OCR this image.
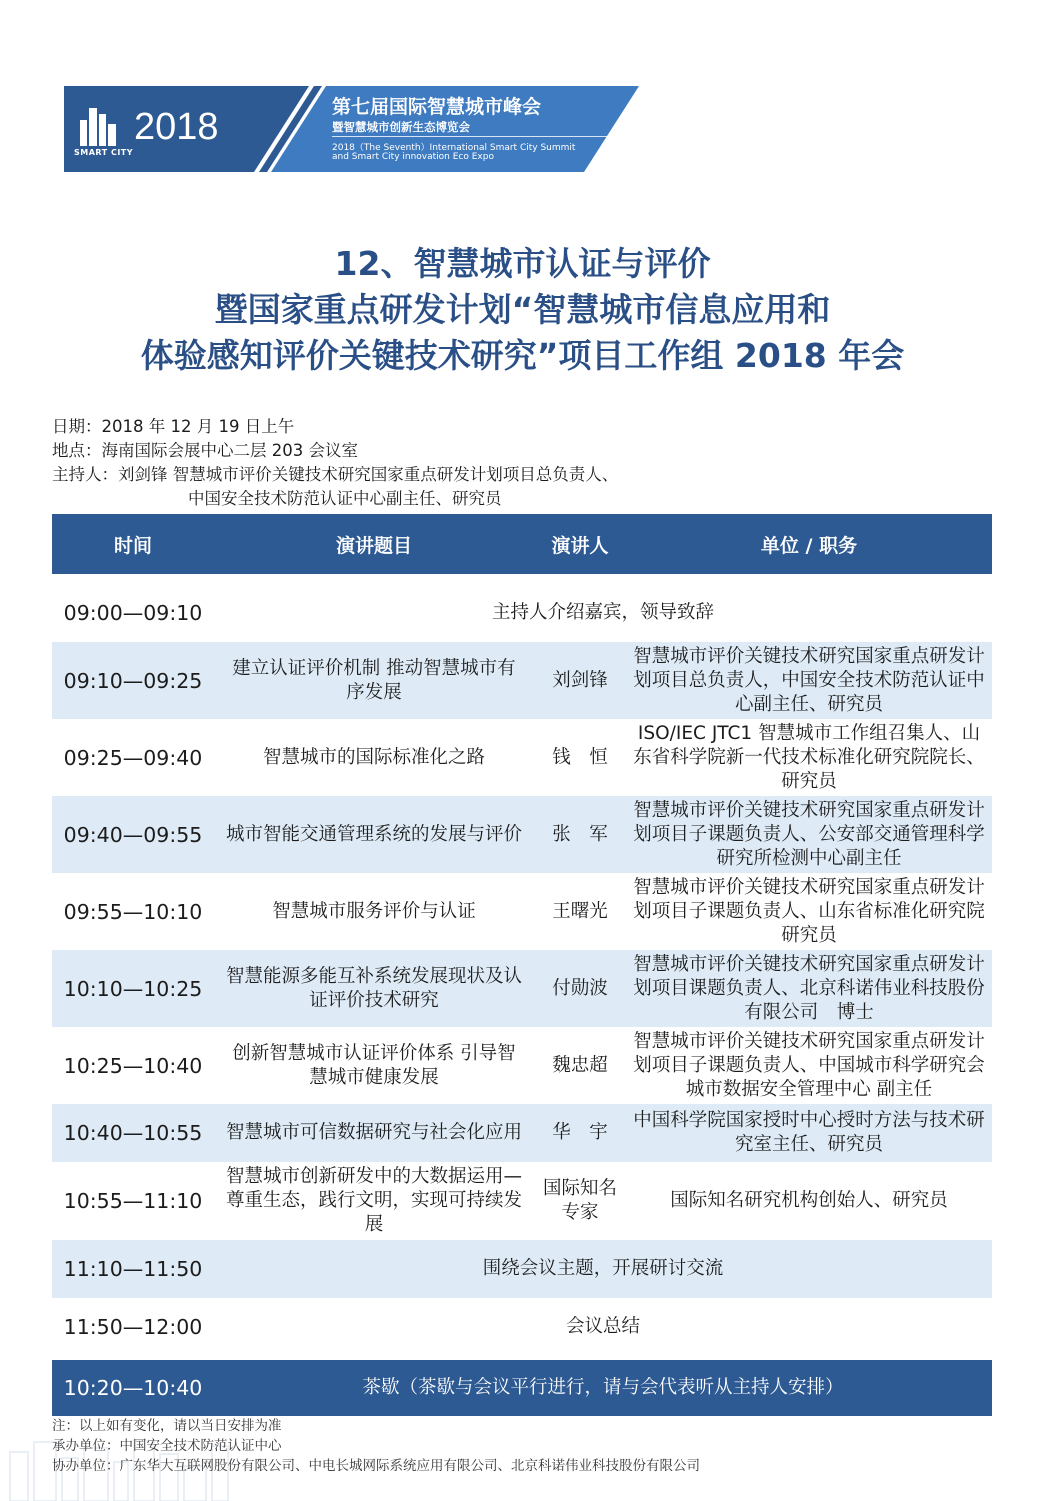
SMART CITY
2018	第七届国际智慧城市峰会
暨智慧城市创新生态博览会
2018（The Seventh）International Smart City Summit
and Smart City innovation Eco Expo
12、智慧城市认证与评价
暨国家重点研发计划“智慧城市信息应用和
体验感知评价关键技术研究”项目工作组 2018 年会
日期：2018 年 12 月 19 日上午
地点：海南国际会展中心二层 203 会议室
主持人：刘剑锋 智慧城市评价关键技术研究国家重点研发计划项目总负责人、
中国安全技术防范认证中心副主任、研究员
时间	演讲题目	演讲人	单位 / 职务

09:00—09:10	主持人介绍嘉宾，领导致辞		
09:10—09:25	建立认证评价机制 推动智慧城市有序发展	刘剑锋	智慧城市评价关键技术研究国家重点研发计划项目总负责人，中国安全技术防范认证中心副主任、研究员
09:25—09:40	智慧城市的国际标准化之路	钱　恒	ISO/IEC JTC1 智慧城市工作组召集人、山东省科学院新一代技术标准化研究院院长、研究员
09:40—09:55	城市智能交通管理系统的发展与评价	张　军	智慧城市评价关键技术研究国家重点研发计划项目子课题负责人、公安部交通管理科学研究所检测中心副主任
09:55—10:10	智慧城市服务评价与认证	王曙光	智慧城市评价关键技术研究国家重点研发计划项目子课题负责人、山东省标准化研究院 研究员
10:10—10:25	智慧能源多能互补系统发展现状及认证评价技术研究	付勋波	智慧城市评价关键技术研究国家重点研发计划项目课题负责人、北京科诺伟业科技股份有限公司　博士
10:25—10:40	创新智慧城市认证评价体系 引导智慧城市健康发展	魏忠超	智慧城市评价关键技术研究国家重点研发计划项目子课题负责人、中国城市科学研究会城市数据安全管理中心 副主任
10:40—10:55	智慧城市可信数据研究与社会化应用	华　宇	中国科学院国家授时中心授时方法与技术研究室主任、研究员
10:55—11:10	智慧城市创新研发中的大数据运用—尊重生态，践行文明，实现可持续发展	国际知名专家	国际知名研究机构创始人、研究员
11:10—11:50	围绕会议主题，开展研讨交流		
11:50—12:00	会议总结		

10:20—10:40	茶歇（茶歇与会议平行进行，请与会代表听从主持人安排）		
注：以上如有变化，请以当日安排为准
承办单位：中国安全技术防范认证中心
协办单位：广东华大互联网股份有限公司、中电长城网际系统应用有限公司、北京科诺伟业科技股份有限公司
